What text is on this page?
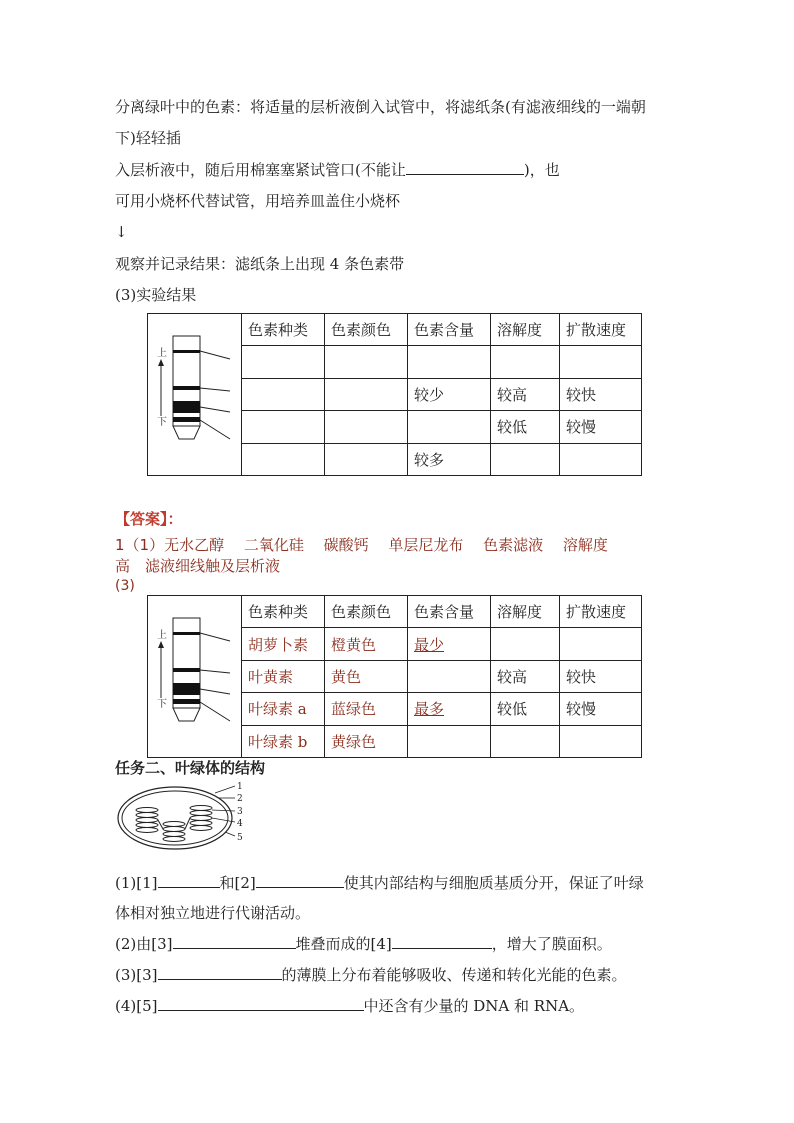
分离绿叶中的色素：将适量的层析液倒入试管中，将滤纸条(有滤液细线的一端朝
下)轻轻插
入层析液中，随后用棉塞塞紧试管口(不能让	)，也
可用小烧杯代替试管，用培养皿盖住小烧杯
↓
观察并记录结果：滤纸条上出现 4 条色素带
(3)实验结果
上
下	色素种类	色素颜色	色素含量	溶解度	扩散速度

			较少	较高	较快
				较低	较慢
			较多		
【答案】：
1（1）无水乙醇　 二氧化硅　 碳酸钙　 单层尼龙布　 色素滤液　 溶解度
高　滤液细线触及层析液
(3)
上
下	色素种类	色素颜色	色素含量	溶解度	扩散速度
	胡萝卜素	橙黄色	最少		
	叶黄素	黄色		较高	较快
	叶绿素 a	蓝绿色	最多	较低	较慢
	叶绿素 b	黄绿色			
任务二、叶绿体的结构
1
2
3
4
5
(1)[1]	和[2]	使其内部结构与细胞质基质分开，保证了叶绿
体相对独立地进行代谢活动。
(2)由[3]	堆叠而成的[4]	，增大了膜面积。
(3)[3]	的薄膜上分布着能够吸收、传递和转化光能的色素。
(4)[5]	中还含有少量的 DNA 和 RNA。
